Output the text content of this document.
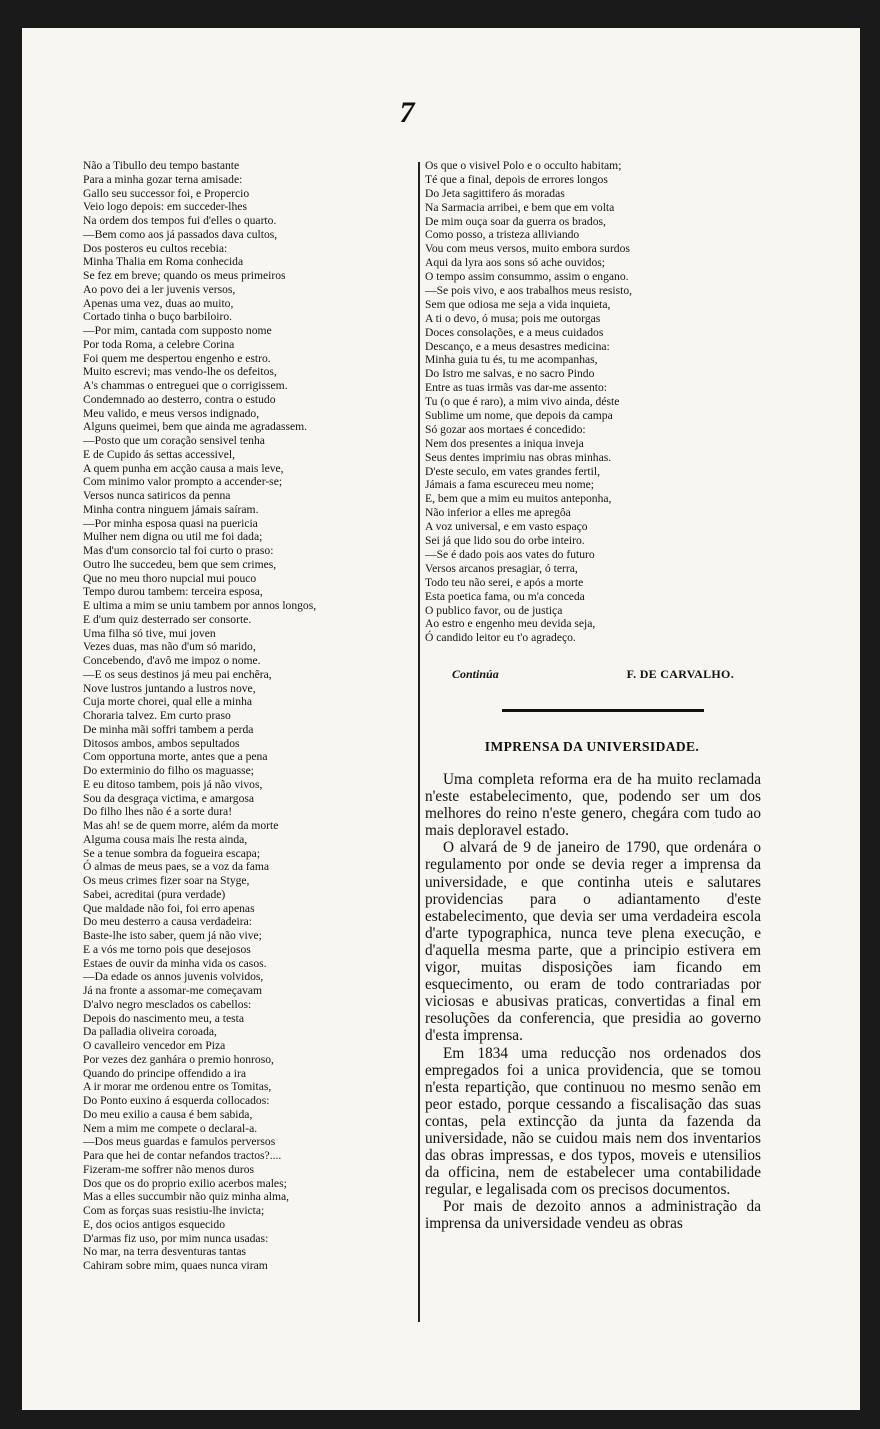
7
Não a Tibullo deu tempo bastante
Para a minha gozar terna amisade:
Gallo seu successor foi, e Propercio
Veio logo depois: em succeder-lhes
Na ordem dos tempos fui d'elles o quarto.
—Bem como aos já passados dava cultos,
Dos posteros eu cultos recebia:
Minha Thalia em Roma conhecida
Se fez em breve; quando os meus primeiros
Ao povo dei a ler juvenis versos,
Apenas uma vez, duas ao muito,
Cortado tinha o buço barbiloiro.
—Por mim, cantada com supposto nome
Por toda Roma, a celebre Corina
Foi quem me despertou engenho e estro.
Muito escrevi; mas vendo-lhe os defeitos,
A's chammas o entreguei que o corrigissem.
Condemnado ao desterro, contra o estudo
Meu valido, e meus versos indignado,
Alguns queimei, bem que ainda me agradassem.
—Posto que um coração sensivel tenha
E de Cupido ás settas accessivel,
A quem punha em acção causa a mais leve,
Com minimo valor prompto a accender-se;
Versos nunca satiricos da penna
Minha contra ninguem jámais saíram.
—Por minha esposa quasi na puericia
Mulher nem digna ou util me foi dada;
Mas d'um consorcio tal foi curto o praso:
Outro lhe succedeu, bem que sem crimes,
Que no meu thoro nupcial mui pouco
Tempo durou tambem: terceira esposa,
E ultima a mim se uniu tambem por annos longos,
E d'um quiz desterrado ser consorte.
Uma filha só tive, mui joven
Vezes duas, mas não d'um só marido,
Concebendo, d'avô me impoz o nome.
—E os seus destinos já meu pai enchêra,
Nove lustros juntando a lustros nove,
Cuja morte chorei, qual elle a minha
Choraria talvez. Em curto praso
De minha mãi soffri tambem a perda
Ditosos ambos, ambos sepultados
Com opportuna morte, antes que a pena
Do exterminio do filho os maguasse;
E eu ditoso tambem, pois já não vivos,
Sou da desgraça victima, e amargosa
Do filho lhes não é a sorte dura!
Mas ah! se de quem morre, além da morte
Alguma cousa mais lhe resta ainda,
Se a tenue sombra da fogueira escapa;
Ó almas de meus paes, se a voz da fama
Os meus crimes fizer soar na Styge,
Sabei, acreditai (pura verdade)
Que maldade não foi, foi erro apenas
Do meu desterro a causa verdadeira:
Baste-lhe isto saber, quem já não vive;
E a vós me torno pois que desejosos
Estaes de ouvir da minha vida os casos.
—Da edade os annos juvenis volvidos,
Já na fronte a assomar-me começavam
D'alvo negro mesclados os cabellos:
Depois do nascimento meu, a testa
Da palladia oliveira coroada,
O cavalleiro vencedor em Piza
Por vezes dez ganhára o premio honroso,
Quando do principe offendido a ira
A ir morar me ordenou entre os Tomitas,
Do Ponto euxino á esquerda collocados:
Do meu exilio a causa é bem sabida,
Nem a mim me compete o declaral-a.
—Dos meus guardas e famulos perversos
Para que hei de contar nefandos tractos?....
Fizeram-me soffrer não menos duros
Dos que os do proprio exilio acerbos males;
Mas a elles succumbir não quiz minha alma,
Com as forças suas resistiu-lhe invicta;
E, dos ocios antigos esquecido
D'armas fiz uso, por mim nunca usadas:
No mar, na terra desventuras tantas
Cahiram sobre mim, quaes nunca viram
Os que o visivel Polo e o occulto habitam;
Té que a final, depois de errores longos
Do Jeta sagittifero ás moradas
Na Sarmacia arribei, e bem que em volta
De mim ouça soar da guerra os brados,
Como posso, a tristeza alliviando
Vou com meus versos, muito embora surdos
Aqui da lyra aos sons só ache ouvidos;
O tempo assim consummo, assim o engano.
—Se pois vivo, e aos trabalhos meus resisto,
Sem que odiosa me seja a vida inquieta,
A ti o devo, ó musa; pois me outorgas
Doces consolações, e a meus cuidados
Descanço, e a meus desastres medicina:
Minha guia tu és, tu me acompanhas,
Do Istro me salvas, e no sacro Pindo
Entre as tuas irmãs vas dar-me assento:
Tu (o que é raro), a mim vivo ainda, déste
Sublime um nome, que depois da campa
Só gozar aos mortaes é concedido:
Nem dos presentes a iniqua inveja
Seus dentes imprimiu nas obras minhas.
D'este seculo, em vates grandes fertil,
Jámais a fama escureceu meu nome;
E, bem que a mim eu muitos anteponha,
Não inferior a elles me apregôa
A voz universal, e em vasto espaço
Sei já que lido sou do orbe inteiro.
—Se é dado pois aos vates do futuro
Versos arcanos presagiar, ó terra,
Todo teu não serei, e após a morte
Esta poetica fama, ou m'a conceda
O publico favor, ou de justiça
Ao estro e engenho meu devida seja,
Ó candido leitor eu t'o agradeço.
Continúa	F. DE CARVALHO.
IMPRENSA DA UNIVERSIDADE.

Uma completa reforma era de ha muito reclamada n'este estabelecimento, que, podendo ser um dos melhores do reino n'este genero, chegára com tudo ao mais deploravel estado.

O alvará de 9 de janeiro de 1790, que ordenára o regulamento por onde se devia reger a imprensa da universidade, e que continha uteis e salutares providencias para o adiantamento d'este estabelecimento, que devia ser uma verdadeira escola d'arte typographica, nunca teve plena execução, e d'aquella mesma parte, que a principio estivera em vigor, muitas disposições iam ficando em esquecimento, ou eram de todo contrariadas por viciosas e abusivas praticas, convertidas a final em resoluções da conferencia, que presidia ao governo d'esta imprensa.

Em 1834 uma reducção nos ordenados dos empregados foi a unica providencia, que se tomou n'esta repartição, que continuou no mesmo senão em peor estado, porque cessando a fiscalisação das suas contas, pela extincção da junta da fazenda da universidade, não se cuidou mais nem dos inventarios das obras impressas, e dos typos, moveis e utensilios da officina, nem de estabelecer uma contabilidade regular, e legalisada com os precisos documentos.

Por mais de dezoito annos a administração da imprensa da universidade vendeu as obras
